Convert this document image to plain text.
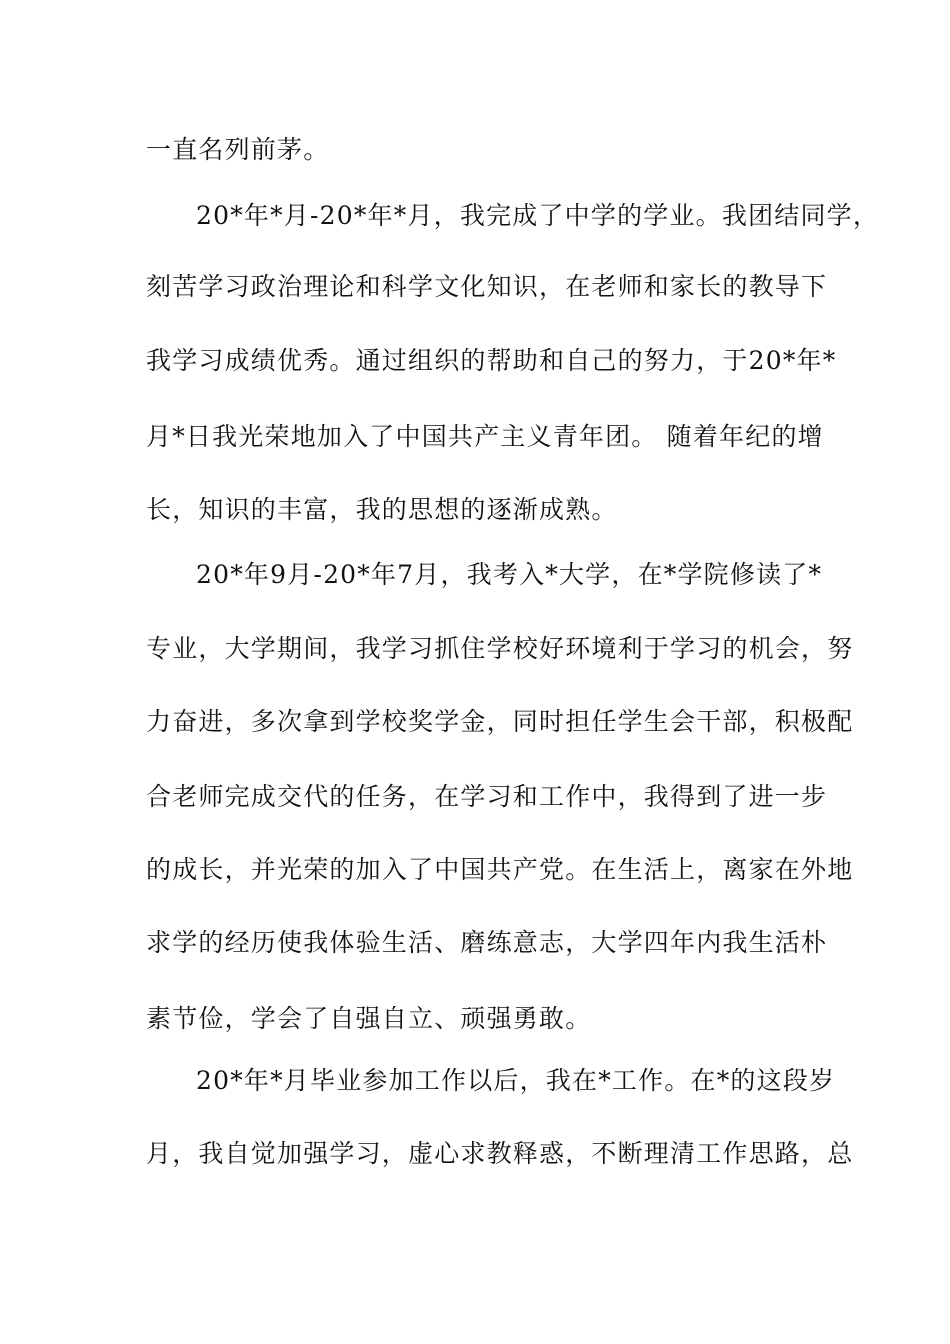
一直名列前茅。
20*年*月-20*年*月，我完成了中学的学业。我团结同学，
刻苦学习政治理论和科学文化知识，在老师和家长的教导下
我学习成绩优秀。通过组织的帮助和自己的努力，于20*年*
月*日我光荣地加入了中国共产主义青年团。 随着年纪的增
长，知识的丰富，我的思想的逐渐成熟。
20*年9月-20*年7月，我考入*大学，在*学院修读了*
专业，大学期间，我学习抓住学校好环境利于学习的机会，努
力奋进，多次拿到学校奖学金，同时担任学生会干部，积极配
合老师完成交代的任务，在学习和工作中，我得到了进一步
的成长，并光荣的加入了中国共产党。在生活上，离家在外地
求学的经历使我体验生活、磨练意志，大学四年内我生活朴
素节俭，学会了自强自立、顽强勇敢。
20*年*月毕业参加工作以后，我在*工作。在*的这段岁
月，我自觉加强学习，虚心求教释惑，不断理清工作思路，总
